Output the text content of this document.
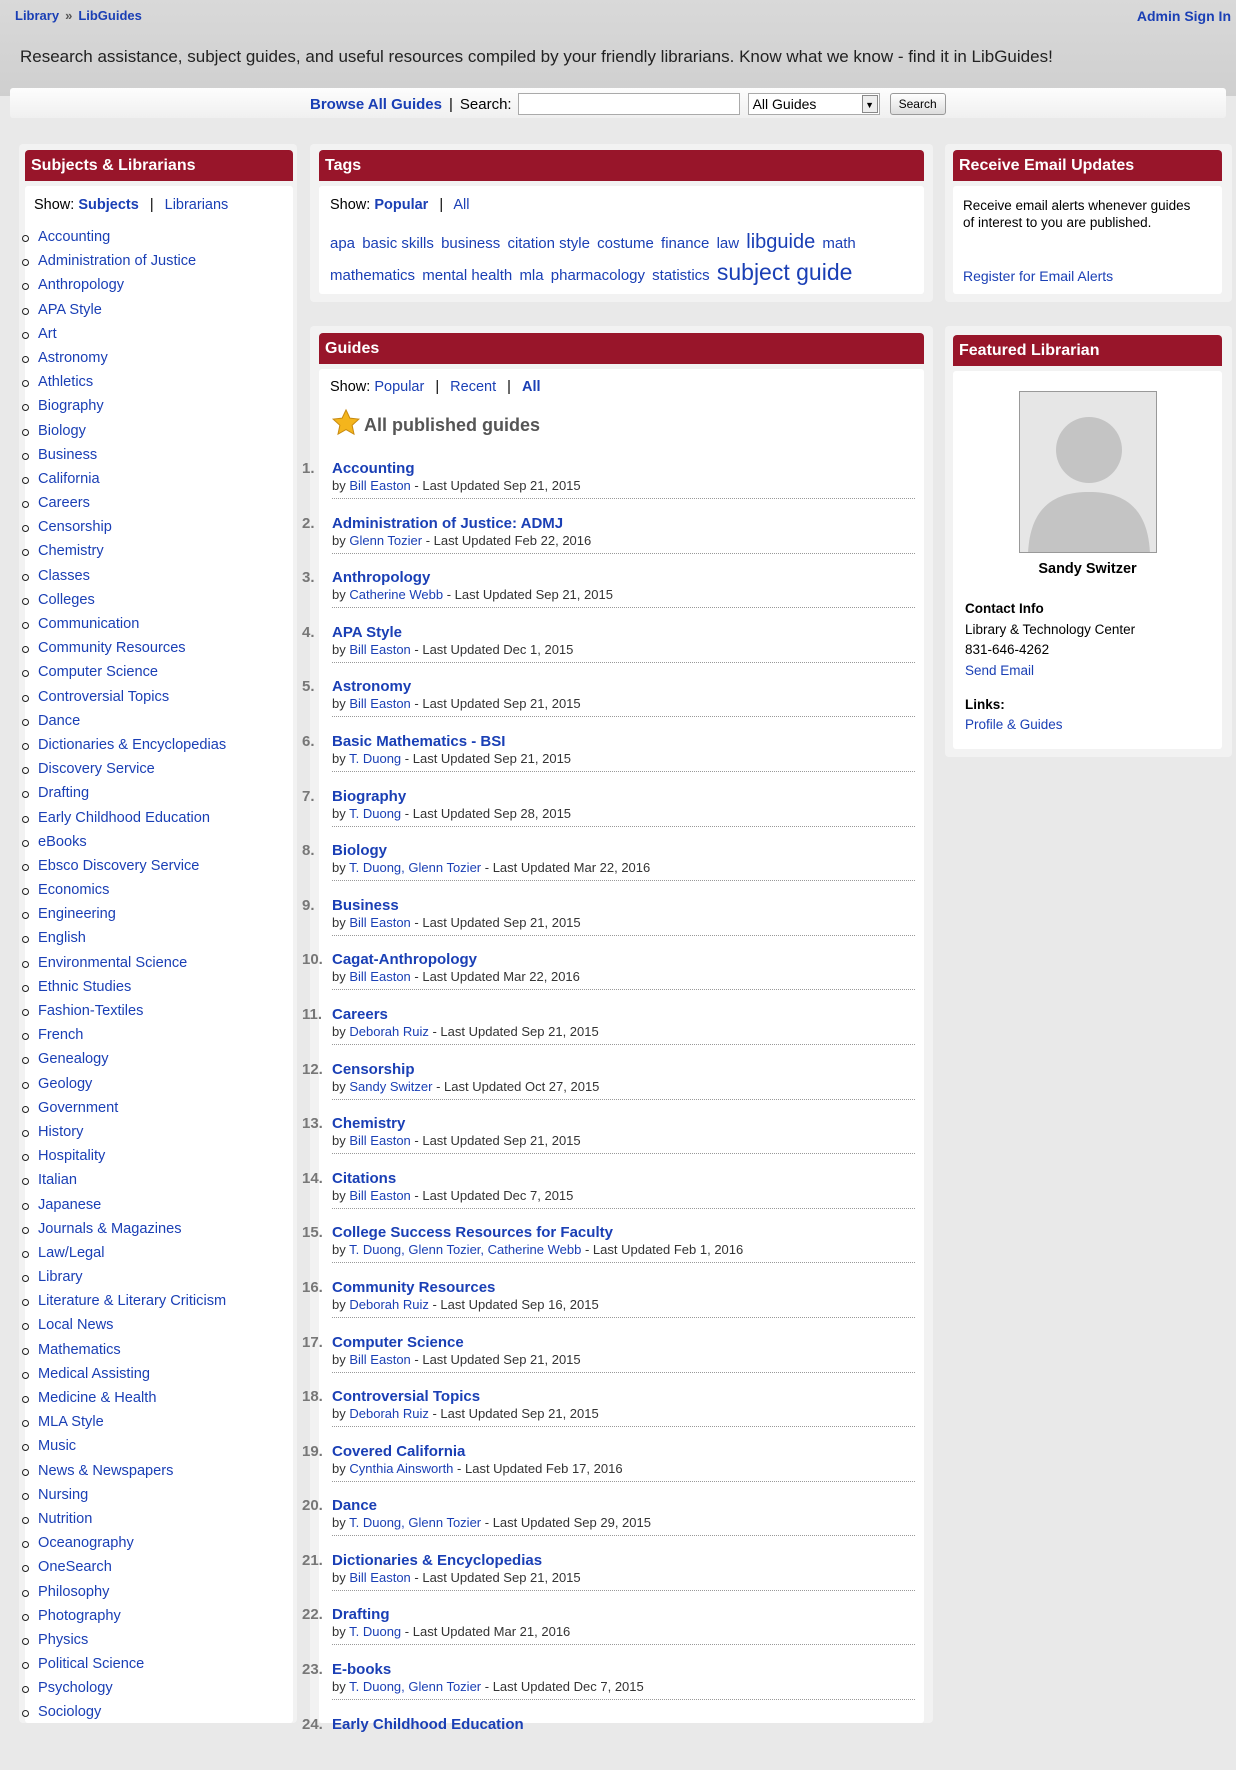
Library » LibGuides	Admin Sign In
Research assistance, subject guides, and useful resources compiled by your friendly librarians. Know what we know - find it in LibGuides!
Browse All Guides | Search:	All Guides	▼	Search
Subjects & Librarians
Show: Subjects | Librarians
Accounting
Administration of Justice
Anthropology
APA Style
Art
Astronomy
Athletics
Biography
Biology
Business
California
Careers
Censorship
Chemistry
Classes
Colleges
Communication
Community Resources
Computer Science
Controversial Topics
Dance
Dictionaries & Encyclopedias
Discovery Service
Drafting
Early Childhood Education
eBooks
Ebsco Discovery Service
Economics
Engineering
English
Environmental Science
Ethnic Studies
Fashion-Textiles
French
Genealogy
Geology
Government
History
Hospitality
Italian
Japanese
Journals & Magazines
Law/Legal
Library
Literature & Literary Criticism
Local News
Mathematics
Medical Assisting
Medicine & Health
MLA Style
Music
News & Newspapers
Nursing
Nutrition
Oceanography
OneSearch
Philosophy
Photography
Physics
Political Science
Psychology
Sociology
Tags
Show: Popular | All
apa basic skills business citation style costume finance law libguide math mathematics mental health mla pharmacology statistics subject guide
Guides
Show: Popular | Recent | All
All published guides
1.	Accounting
by Bill Easton - Last Updated Sep 21, 2015
2.	Administration of Justice: ADMJ
by Glenn Tozier - Last Updated Feb 22, 2016
3.	Anthropology
by Catherine Webb - Last Updated Sep 21, 2015
4.	APA Style
by Bill Easton - Last Updated Dec 1, 2015
5.	Astronomy
by Bill Easton - Last Updated Sep 21, 2015
6.	Basic Mathematics - BSI
by T. Duong - Last Updated Sep 21, 2015
7.	Biography
by T. Duong - Last Updated Sep 28, 2015
8.	Biology
by T. Duong, Glenn Tozier - Last Updated Mar 22, 2016
9.	Business
by Bill Easton - Last Updated Sep 21, 2015
10. Cagat-Anthropology
by Bill Easton - Last Updated Mar 22, 2016
11. Careers
by Deborah Ruiz - Last Updated Sep 21, 2015
12. Censorship
by Sandy Switzer - Last Updated Oct 27, 2015
13. Chemistry
by Bill Easton - Last Updated Sep 21, 2015
14. Citations
by Bill Easton - Last Updated Dec 7, 2015
15. College Success Resources for Faculty
by T. Duong, Glenn Tozier, Catherine Webb - Last Updated Feb 1, 2016
16. Community Resources
by Deborah Ruiz - Last Updated Sep 16, 2015
17. Computer Science
by Bill Easton - Last Updated Sep 21, 2015
18. Controversial Topics
by Deborah Ruiz - Last Updated Sep 21, 2015
19. Covered California
by Cynthia Ainsworth - Last Updated Feb 17, 2016
20. Dance
by T. Duong, Glenn Tozier - Last Updated Sep 29, 2015
21. Dictionaries & Encyclopedias
by Bill Easton - Last Updated Sep 21, 2015
22. Drafting
by T. Duong - Last Updated Mar 21, 2016
23. E-books
by T. Duong, Glenn Tozier - Last Updated Dec 7, 2015
24. Early Childhood Education
Receive Email Updates
Receive email alerts whenever guides of interest to you are published.
Register for Email Alerts
Featured Librarian
Sandy Switzer
Contact Info
Library & Technology Center
831-646-4262
Send Email
Links:
Profile & Guides
